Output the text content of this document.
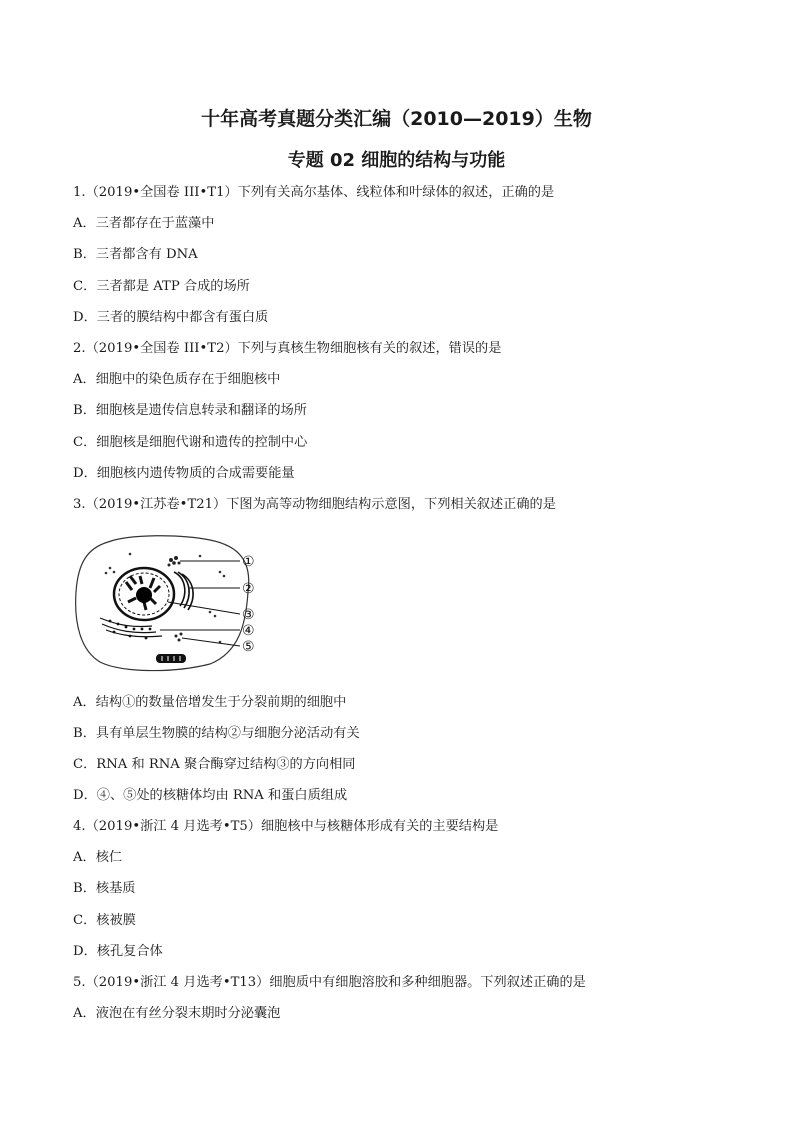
十年高考真题分类汇编（2010—2019）生物
专题 02 细胞的结构与功能
1.（2019•全国卷 III•T1）下列有关高尔基体、线粒体和叶绿体的叙述，正确的是
A．三者都存在于蓝藻中
B．三者都含有 DNA
C．三者都是 ATP 合成的场所
D．三者的膜结构中都含有蛋白质
2.（2019•全国卷 III•T2）下列与真核生物细胞核有关的叙述，错误的是
A．细胞中的染色质存在于细胞核中
B．细胞核是遗传信息转录和翻译的场所
C．细胞核是细胞代谢和遗传的控制中心
D．细胞核内遗传物质的合成需要能量
3.（2019•江苏卷•T21）下图为高等动物细胞结构示意图，下列相关叙述正确的是
①
②
③
④
⑤
A．结构①的数量倍增发生于分裂前期的细胞中
B．具有单层生物膜的结构②与细胞分泌活动有关
C．RNA 和 RNA 聚合酶穿过结构③的方向相同
D．④、⑤处的核糖体均由 RNA 和蛋白质组成
4.（2019•浙江 4 月选考•T5）细胞核中与核糖体形成有关的主要结构是
A．核仁
B．核基质
C．核被膜
D．核孔复合体
5.（2019•浙江 4 月选考•T13）细胞质中有细胞溶胶和多种细胞器。下列叙述正确的是
A．液泡在有丝分裂末期时分泌囊泡
